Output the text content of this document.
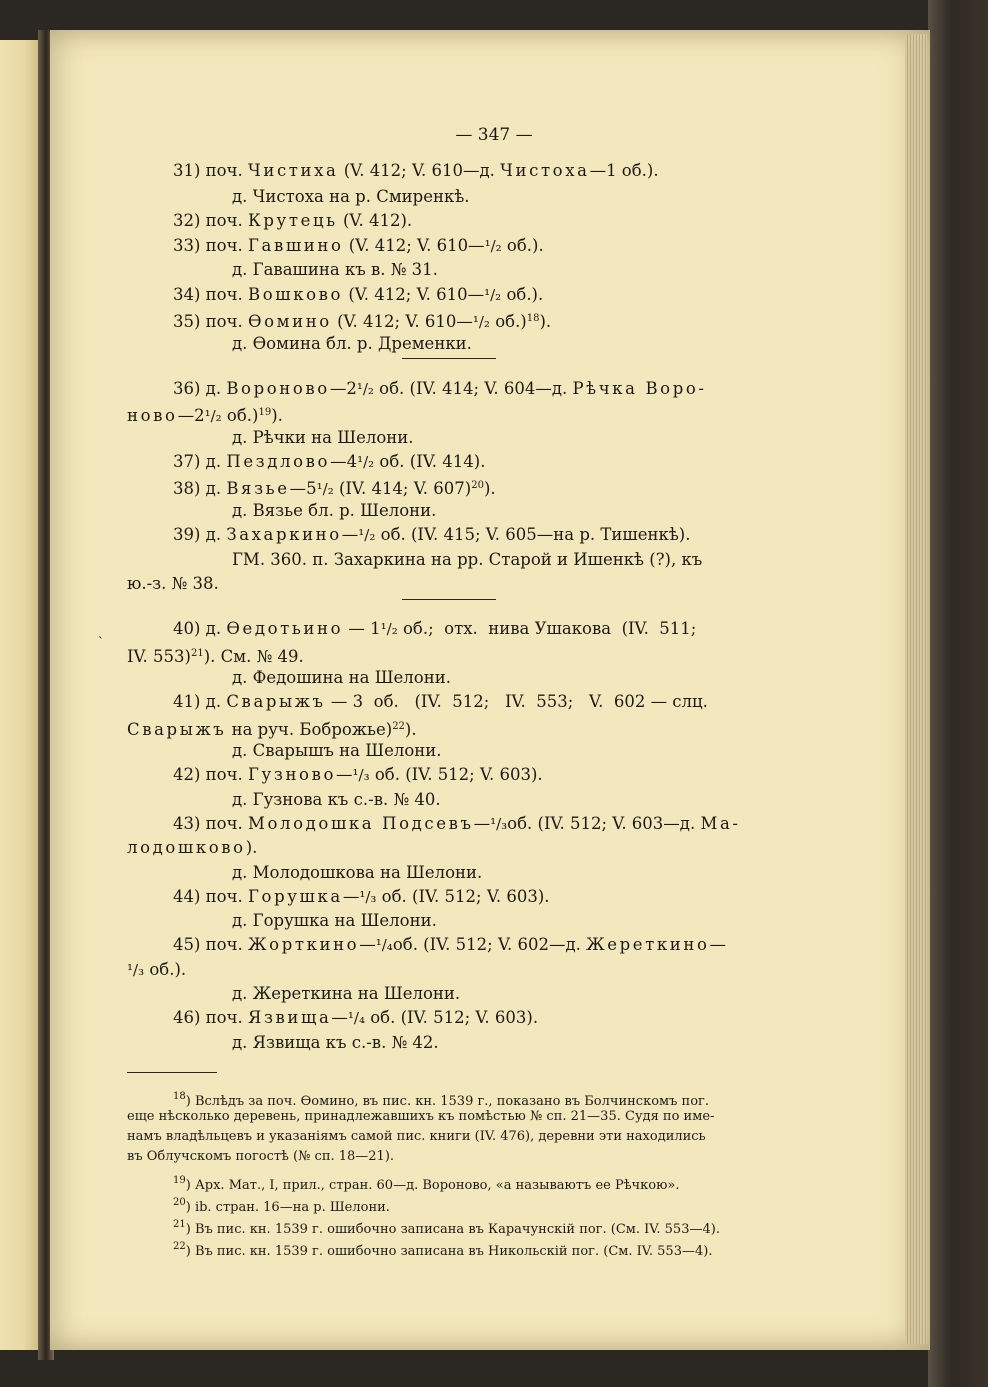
— 347 —
31) поч. Чистиха (V. 412; V. 610—д. Чистоха—1 об.).
д. Чистоха на р. Смиренкѣ.
32) поч. Крутець (V. 412).
33) поч. Гавшино (V. 412; V. 610—¹/₂ об.).
д. Гавашина къ в. № 31.
34) поч. Вошково (V. 412; V. 610—¹/₂ об.).
35) поч. Ѳомино (V. 412; V. 610—¹/₂ об.)$^{18}$).
д. Ѳомина бл. р. Дременки.
36) д. Вороново—2¹/₂ об. (IV. 414; V. 604—д. Рѣчка Воро-
ново—2¹/₂ об.)$^{19}$).
д. Рѣчки на Шелони.
37) д. Пездлово—4¹/₂ об. (IV. 414).
38) д. Вязье—5¹/₂ (IV. 414; V. 607)$^{20}$).
д. Вязье бл. р. Шелони.
39) д. Захаркино—¹/₂ об. (IV. 415; V. 605—на р. Тишенкѣ).
ГМ. 360. п. Захаркина на рр. Старой и Ишенкѣ (?), къ
ю.-з. № 38.
40) д. Ѳедотьино — 1¹/₂ об.;  отх.  нива Ушакова  (IV.  511;
˴
IV. 553)$^{21}$). См. № 49.
д. Федошина на Шелони.
41) д. Сварыжъ — 3  об.   (IV.  512;   IV.  553;   V.  602 — слц.
Сварыжъ на руч. Боброжье)$^{22}$).
д. Сварышъ на Шелони.
42) поч. Гузново—¹/₃ об. (IV. 512; V. 603).
д. Гузнова къ с.-в. № 40.
43) поч. Молодошка Подсевъ—¹/₃об. (IV. 512; V. 603—д. Ма-
лодошково).
д. Молодошкова на Шелони.
44) поч. Горушка—¹/₃ об. (IV. 512; V. 603).
д. Горушка на Шелони.
45) поч. Жорткино—¹/₄об. (IV. 512; V. 602—д. Жереткино—
¹/₃ об.).
д. Жереткина на Шелони.
46) поч. Язвища—¹/₄ об. (IV. 512; V. 603).
д. Язвища къ с.-в. № 42.
$^{18}$) Вслѣдъ за поч. Ѳомино, въ пис. кн. 1539 г., показано въ Болчинскомъ пог.
еще нѣсколько деревень, принадлежавшихъ къ помѣстью № сп. 21—35. Судя по име-
намъ владѣльцевъ и указаніямъ самой пис. книги (IV. 476), деревни эти находились
въ Облучскомъ погостѣ (№ сп. 18—21).
$^{19}$) Арх. Мат., I, прил., стран. 60—д. Вороново, «а называютъ ее Рѣчкою».
$^{20}$) ib. стран. 16—на р. Шелони.
$^{21}$) Въ пис. кн. 1539 г. ошибочно записана въ Карачунскій пог. (См. IV. 553—4).
$^{22}$) Въ пис. кн. 1539 г. ошибочно записана въ Никольскій пог. (См. IV. 553—4).
